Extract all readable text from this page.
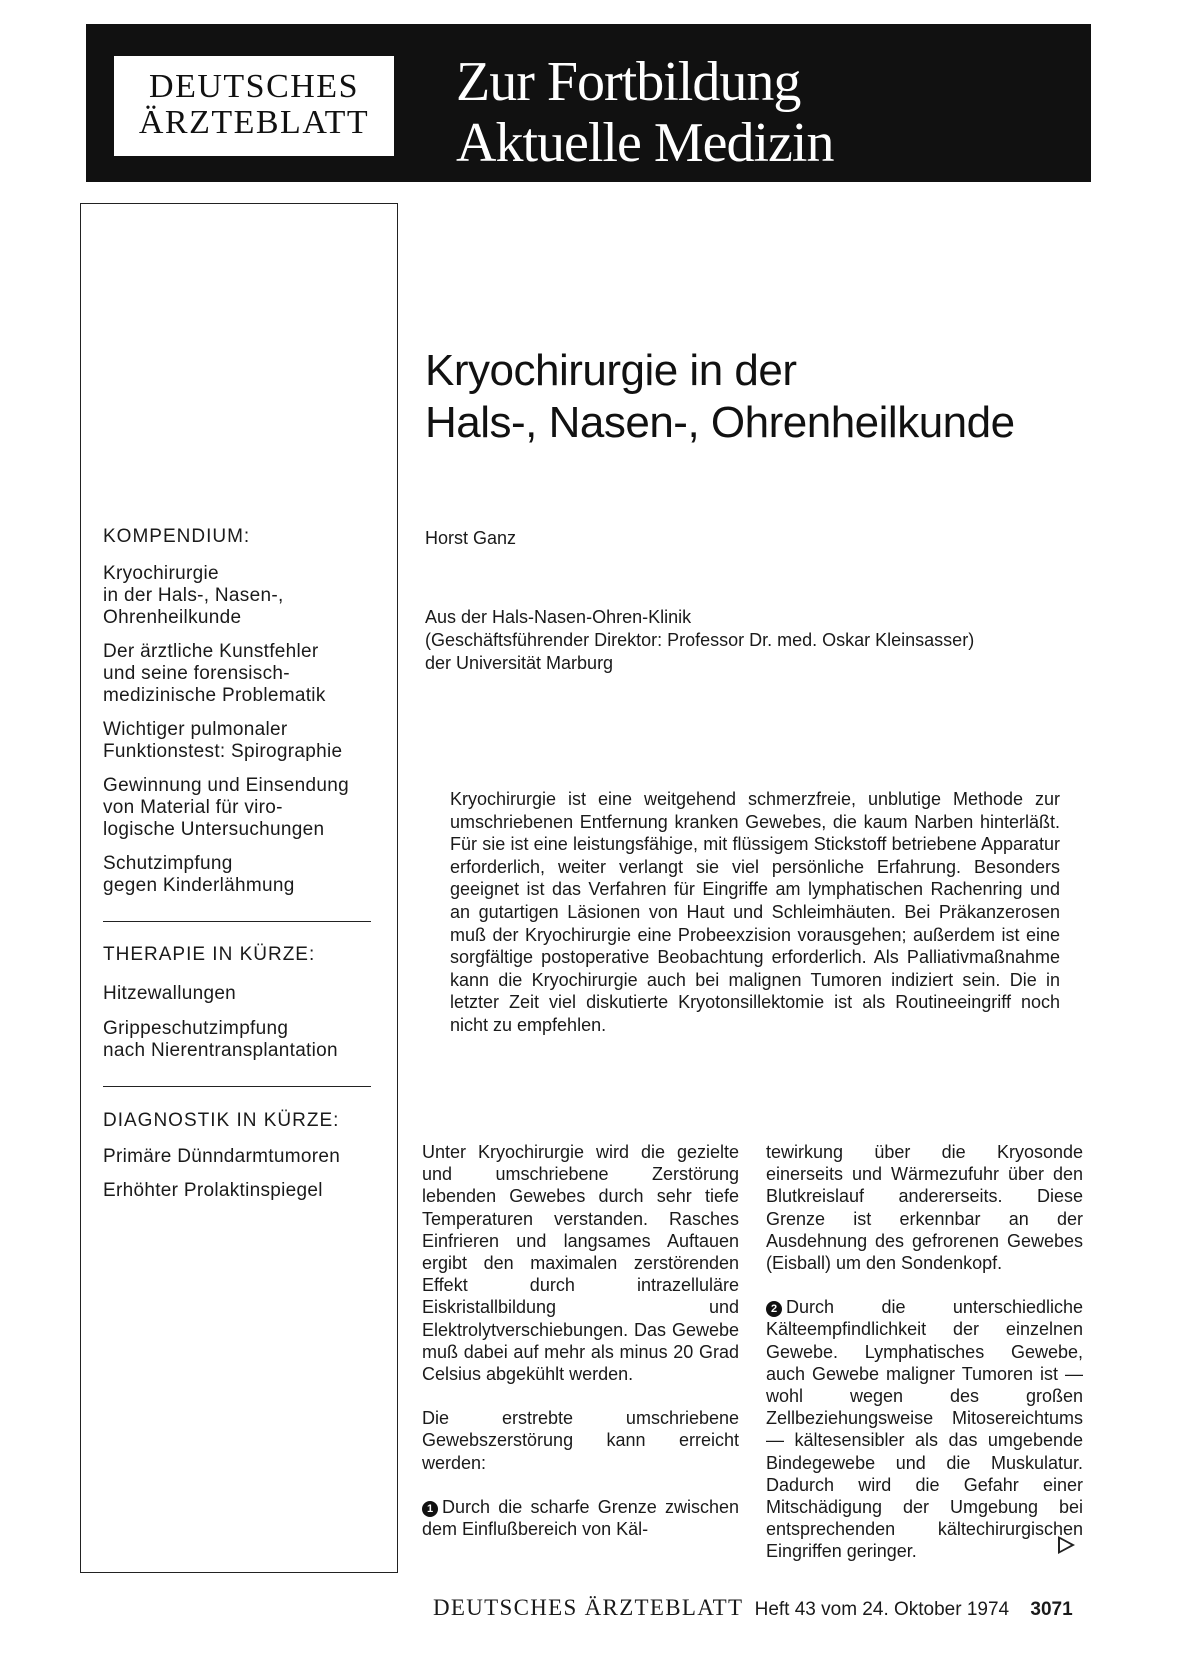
DEUTSCHES
ÄRZTEBLATT
Zur Fortbildung
Aktuelle Medizin
KOMPENDIUM:
Kryochirurgie
in der Hals-, Nasen-,
Ohrenheilkunde
Der ärztliche Kunstfehler
und seine forensisch-
medizinische Problematik
Wichtiger pulmonaler
Funktionstest: Spirographie
Gewinnung und Einsendung
von Material für viro-
logische Untersuchungen
Schutzimpfung
gegen Kinderlähmung
THERAPIE IN KÜRZE:
Hitzewallungen
Grippeschutzimpfung
nach Nierentransplantation
DIAGNOSTIK IN KÜRZE:
Primäre Dünndarmtumoren
Erhöhter Prolaktinspiegel
Kryochirurgie in der
Hals-, Nasen-, Ohrenheilkunde
Horst Ganz
Aus der Hals-Nasen-Ohren-Klinik
(Geschäftsführender Direktor: Professor Dr. med. Oskar Kleinsasser)
der Universität Marburg

Kryochirurgie ist eine weitgehend schmerzfreie, unblutige Methode zur umschriebenen Entfernung kranken Gewebes, die kaum Narben hinterläßt. Für sie ist eine leistungsfähige, mit flüssigem Stickstoff betriebene Apparatur erforderlich, weiter verlangt sie viel persönliche Erfahrung. Besonders geeignet ist das Verfahren für Eingriffe am lymphatischen Rachenring und an gutartigen Läsionen von Haut und Schleimhäuten. Bei Präkanzerosen muß der Kryochirurgie eine Probeexzision vorausgehen; außerdem ist eine sorgfältige postoperative Beobachtung erforderlich. Als Palliativmaßnahme kann die Kryochirurgie auch bei malignen Tumoren indiziert sein. Die in letzter Zeit viel diskutierte Kryotonsillektomie ist als Routineeingriff noch nicht zu empfehlen.

Unter Kryochirurgie wird die gezielte und umschriebene Zerstörung lebenden Gewebes durch sehr tiefe Temperaturen verstanden. Rasches Einfrieren und langsames Auftauen ergibt den maximalen zerstörenden Effekt durch intrazelluläre Eiskristallbildung und Elektrolytverschiebungen. Das Gewebe muß dabei auf mehr als minus 20 Grad Celsius abgekühlt werden.

Die erstrebte umschriebene Gewebszerstörung kann erreicht werden:

1 Durch die scharfe Grenze zwischen dem Einflußbereich von Käl-

tewirkung über die Kryosonde einerseits und Wärmezufuhr über den Blutkreislauf andererseits. Diese Grenze ist erkennbar an der Ausdehnung des gefrorenen Gewebes (Eisball) um den Sondenkopf.

2 Durch die unterschiedliche Kälteempfindlichkeit der einzelnen Gewebe. Lymphatisches Gewebe, auch Gewebe maligner Tumoren ist — wohl wegen des großen Zellbeziehungsweise Mitosereichtums — kältesensibler als das umgebende Bindegewebe und die Muskulatur. Dadurch wird die Gefahr einer Mitschädigung der Umgebung bei entsprechenden kältechirurgischen Eingriffen geringer.

DEUTSCHES ÄRZTEBLATT Heft 43 vom 24. Oktober 1974 3071
